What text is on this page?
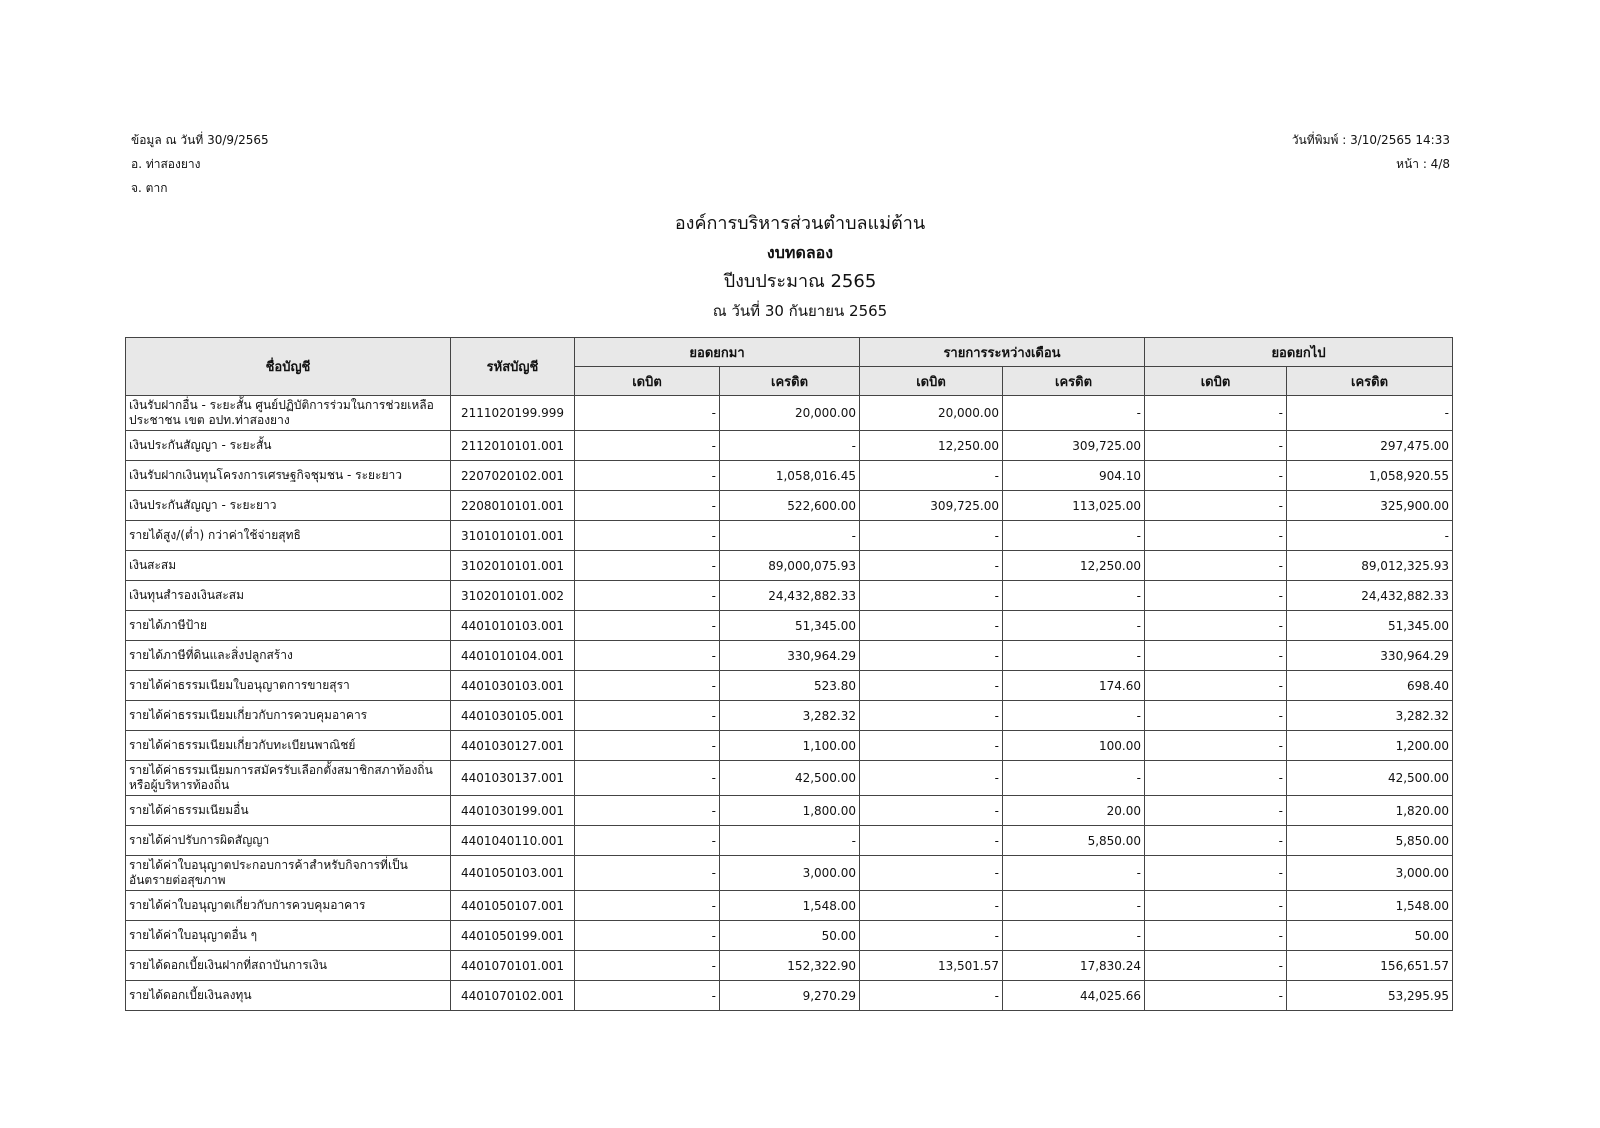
ข้อมูล ณ วันที่ 30/9/2565
อ. ท่าสองยาง
จ. ตาก
วันที่พิมพ์ : 3/10/2565 14:33
หน้า : 4/8
องค์การบริหารส่วนตำบลแม่ต้าน
งบทดลอง
ปีงบประมาณ 2565
ณ วันที่ 30 กันยายน 2565
ชื่อบัญชี	รหัสบัญชี	ยอดยกมา		รายการระหว่างเดือน		ยอดยกไป	
		เดบิต	เครดิต	เดบิต	เครดิต	เดบิต	เครดิต
เงินรับฝากอื่น - ระยะสั้น ศูนย์ปฏิบัติการร่วมในการช่วยเหลือประชาชน เขต อปท.ท่าสองยาง	2111020199.999	-	20,000.00	20,000.00	-	-	-
เงินประกันสัญญา - ระยะสั้น	2112010101.001	-	-	12,250.00	309,725.00	-	297,475.00
เงินรับฝากเงินทุนโครงการเศรษฐกิจชุมชน - ระยะยาว	2207020102.001	-	1,058,016.45	-	904.10	-	1,058,920.55
เงินประกันสัญญา - ระยะยาว	2208010101.001	-	522,600.00	309,725.00	113,025.00	-	325,900.00
รายได้สูง/(ต่ำ) กว่าค่าใช้จ่ายสุทธิ	3101010101.001	-	-	-	-	-	-
เงินสะสม	3102010101.001	-	89,000,075.93	-	12,250.00	-	89,012,325.93
เงินทุนสำรองเงินสะสม	3102010101.002	-	24,432,882.33	-	-	-	24,432,882.33
รายได้ภาษีป้าย	4401010103.001	-	51,345.00	-	-	-	51,345.00
รายได้ภาษีที่ดินและสิ่งปลูกสร้าง	4401010104.001	-	330,964.29	-	-	-	330,964.29
รายได้ค่าธรรมเนียมใบอนุญาตการขายสุรา	4401030103.001	-	523.80	-	174.60	-	698.40
รายได้ค่าธรรมเนียมเกี่ยวกับการควบคุมอาคาร	4401030105.001	-	3,282.32	-	-	-	3,282.32
รายได้ค่าธรรมเนียมเกี่ยวกับทะเบียนพาณิชย์	4401030127.001	-	1,100.00	-	100.00	-	1,200.00
รายได้ค่าธรรมเนียมการสมัครรับเลือกตั้งสมาชิกสภาท้องถิ่นหรือผู้บริหารท้องถิ่น	4401030137.001	-	42,500.00	-	-	-	42,500.00
รายได้ค่าธรรมเนียมอื่น	4401030199.001	-	1,800.00	-	20.00	-	1,820.00
รายได้ค่าปรับการผิดสัญญา	4401040110.001	-	-	-	5,850.00	-	5,850.00
รายได้ค่าใบอนุญาตประกอบการค้าสำหรับกิจการที่เป็นอันตรายต่อสุขภาพ	4401050103.001	-	3,000.00	-	-	-	3,000.00
รายได้ค่าใบอนุญาตเกี่ยวกับการควบคุมอาคาร	4401050107.001	-	1,548.00	-	-	-	1,548.00
รายได้ค่าใบอนุญาตอื่น ๆ	4401050199.001	-	50.00	-	-	-	50.00
รายได้ดอกเบี้ยเงินฝากที่สถาบันการเงิน	4401070101.001	-	152,322.90	13,501.57	17,830.24	-	156,651.57
รายได้ดอกเบี้ยเงินลงทุน	4401070102.001	-	9,270.29	-	44,025.66	-	53,295.95
